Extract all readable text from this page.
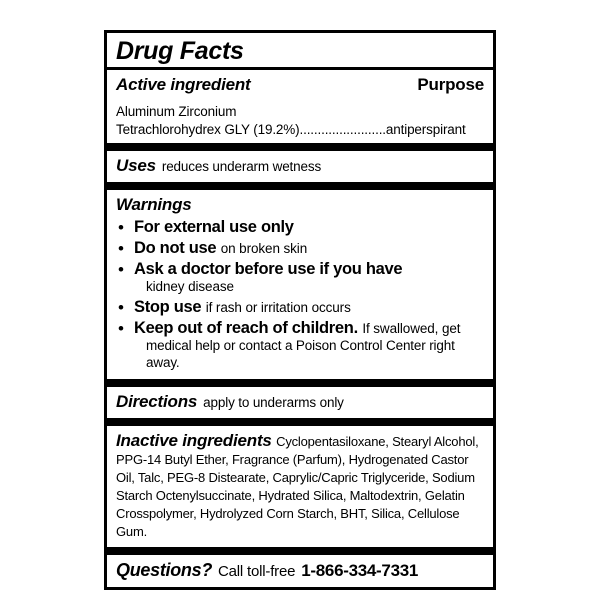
Drug Facts
Active ingredient	Purpose
Aluminum Zirconium
Tetrachlorohydrex GLY (19.2%)........................antiperspirant
Uses reduces underarm wetness
Warnings
• For external use only
• Do not use on broken skin
• Ask a doctor before use if you have
kidney disease
• Stop use if rash or irritation occurs
• Keep out of reach of children. If swallowed, get
medical help or contact a Poison Control Center right away.
Directions apply to underarms only
Inactive ingredients Cyclopentasiloxane, Stearyl Alcohol, PPG-14 Butyl Ether, Fragrance (Parfum), Hydrogenated Castor Oil, Talc, PEG-8 Distearate, Caprylic/Capric Triglyceride, Sodium Starch Octenylsuccinate, Hydrated Silica, Maltodextrin, Gelatin Crosspolymer, Hydrolyzed Corn Starch, BHT, Silica, Cellulose Gum.
Questions? Call toll-free 1-866-334-7331
